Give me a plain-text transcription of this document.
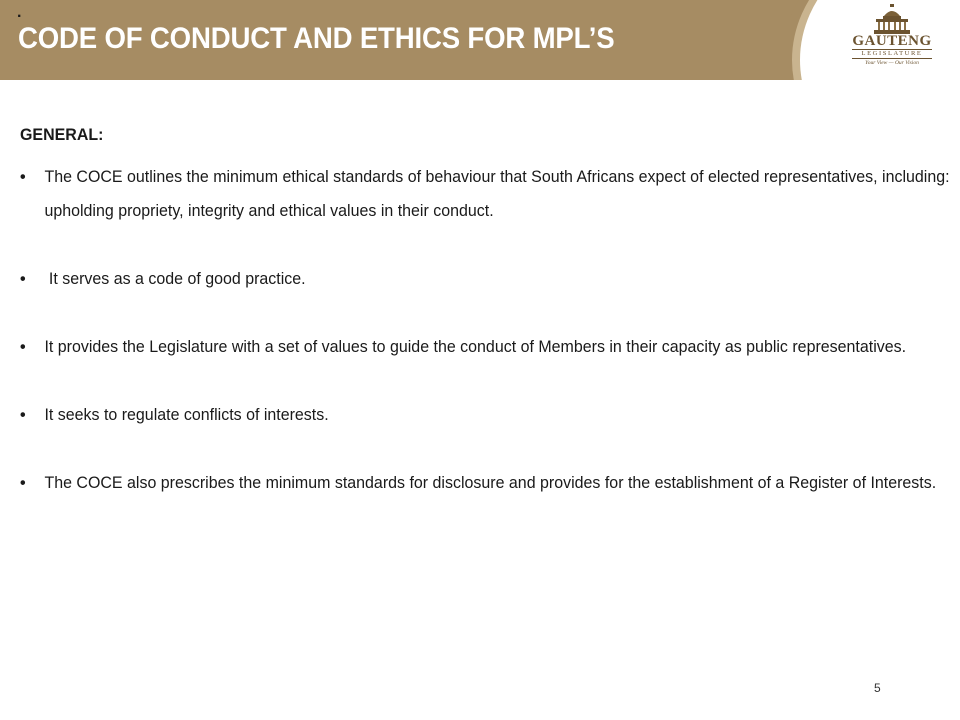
.
CODE OF CONDUCT AND ETHICS FOR MPL’S	GAUTENG
LEGISLATURE
Your View — Our Vision
GENERAL:
• The COCE outlines the minimum ethical standards of behaviour that South Africans expect of elected representatives, including: upholding propriety, integrity and ethical values in their conduct.
• It serves as a code of good practice.
• It provides the Legislature with a set of values to guide the conduct of Members in their capacity as public representatives.
• It seeks to regulate conflicts of interests.
• The COCE also prescribes the minimum standards for disclosure and provides for the establishment of a Register of Interests.
5
